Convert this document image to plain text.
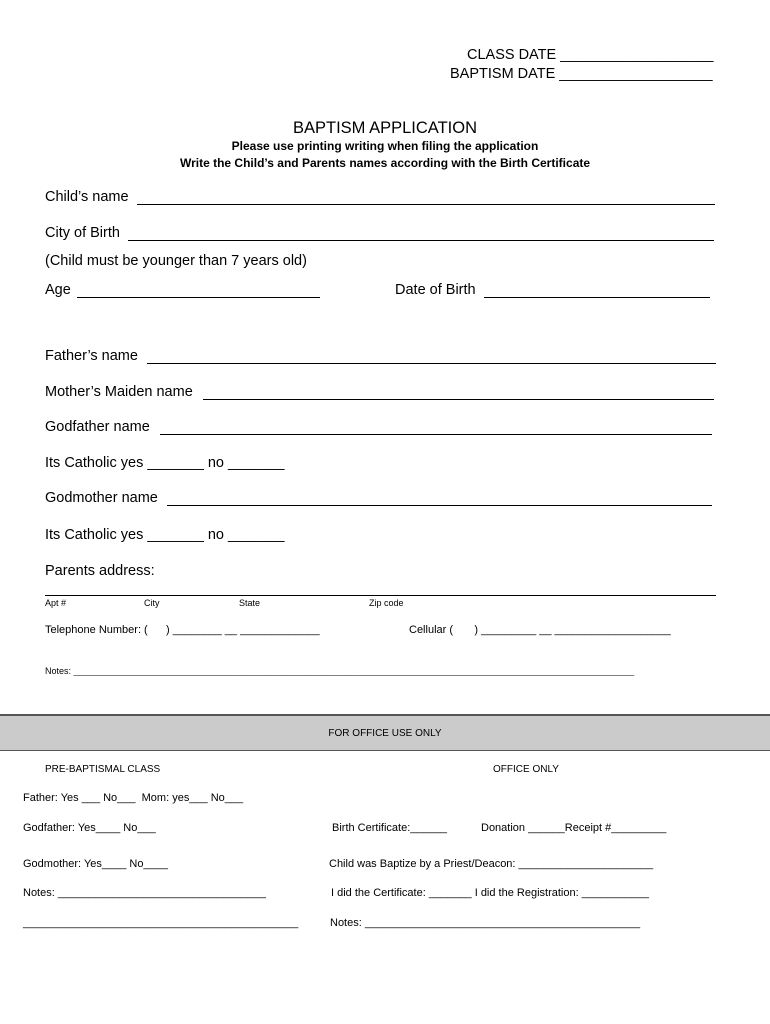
CLASS DATE ___________________
BAPTISM DATE ___________________
BAPTISM APPLICATION
Please use printing writing when filing the application
Write the Child’s and Parents names according with the Birth Certificate
Child’s name
City of Birth
(Child must be younger than 7 years old)
Age	Date of Birth
Father’s name
Mother’s Maiden name
Godfather name
Its Catholic yes _______ no _______
Godmother name
Its Catholic yes _______ no _______
Parents address:
Apt #	City	State	Zip code
Telephone Number: (      ) ________ __ _____________	Cellular (       ) _________ __ ___________________
Notes: ________________________________________________________________________________________________________________
FOR OFFICE USE ONLY
PRE-BAPTISMAL CLASS	OFFICE ONLY
Father: Yes ___ No___  Mom: yes___ No___
Godfather: Yes____ No___	Birth Certificate:______	Donation ______Receipt #_________
Godmother: Yes____ No____	Child was Baptize by a Priest/Deacon: ______________________
Notes: __________________________________	I did the Certificate: _______ I did the Registration: ___________
_____________________________________________	Notes: _____________________________________________
